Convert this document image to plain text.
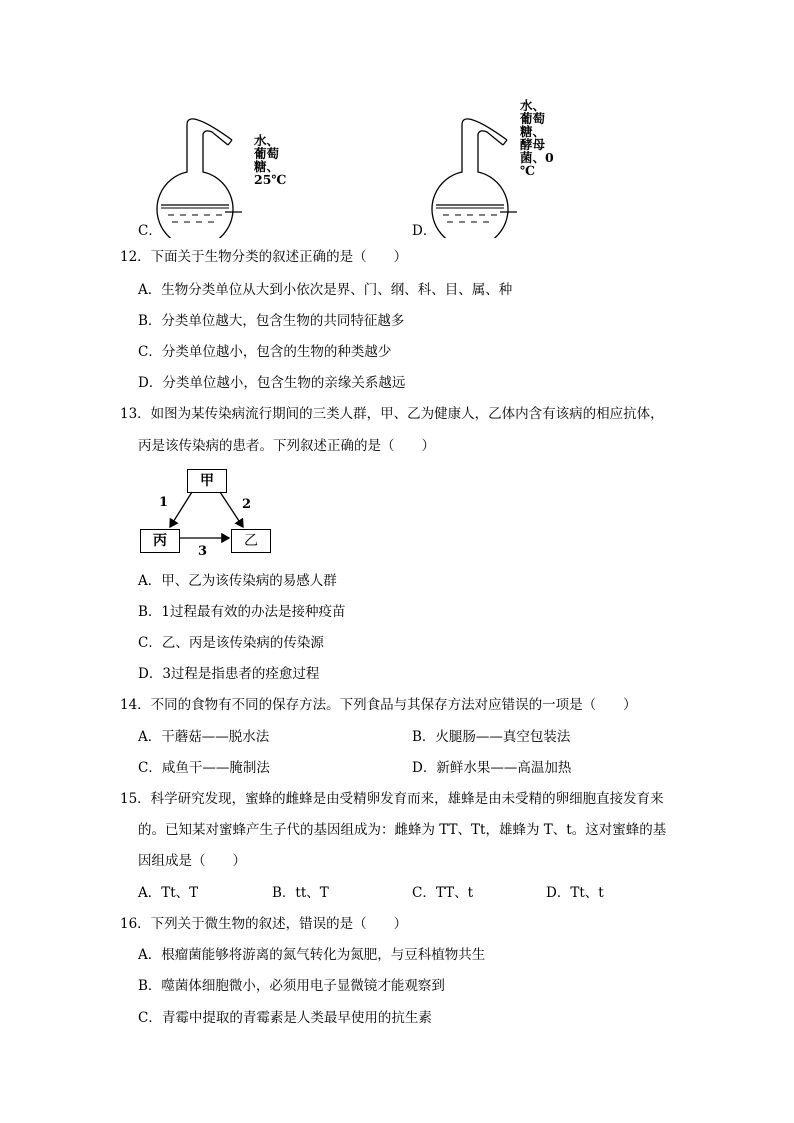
水、
葡萄
糖、
25℃
C．
水、
葡萄
糖、
酵母
菌、0
℃
D．
12．下面关于生物分类的叙述正确的是（　　）
A．生物分类单位从大到小依次是界、门、纲、科、目、属、种
B．分类单位越大，包含生物的共同特征越多
C．分类单位越小，包含的生物的种类越少
D．分类单位越小，包含生物的亲缘关系越远
13．如图为某传染病流行期间的三类人群，甲、乙为健康人，乙体内含有该病的相应抗体，
丙是该传染病的患者。下列叙述正确的是（　　）
甲
丙	乙
1	2
3
A．甲、乙为该传染病的易感人群
B．1过程最有效的办法是接种疫苗
C．乙、丙是该传染病的传染源
D．3过程是指患者的痊愈过程
14．不同的食物有不同的保存方法。下列食品与其保存方法对应错误的一项是（　　）
A．干蘑菇——脱水法	B．火腿肠——真空包装法
C．咸鱼干——腌制法	D．新鲜水果——高温加热
15．科学研究发现，蜜蜂的雌蜂是由受精卵发育而来，雄蜂是由未受精的卵细胞直接发育来
的。已知某对蜜蜂产生子代的基因组成为：雌蜂为 TT、Tt，雄蜂为 T、t。这对蜜蜂的基
因组成是（　　）
A．Tt、T	B．tt、T	C．TT、t	D．Tt、t
16．下列关于微生物的叙述，错误的是（　　）
A．根瘤菌能够将游离的氮气转化为氮肥，与豆科植物共生
B．噬菌体细胞微小，必须用电子显微镜才能观察到
C．青霉中提取的青霉素是人类最早使用的抗生素
